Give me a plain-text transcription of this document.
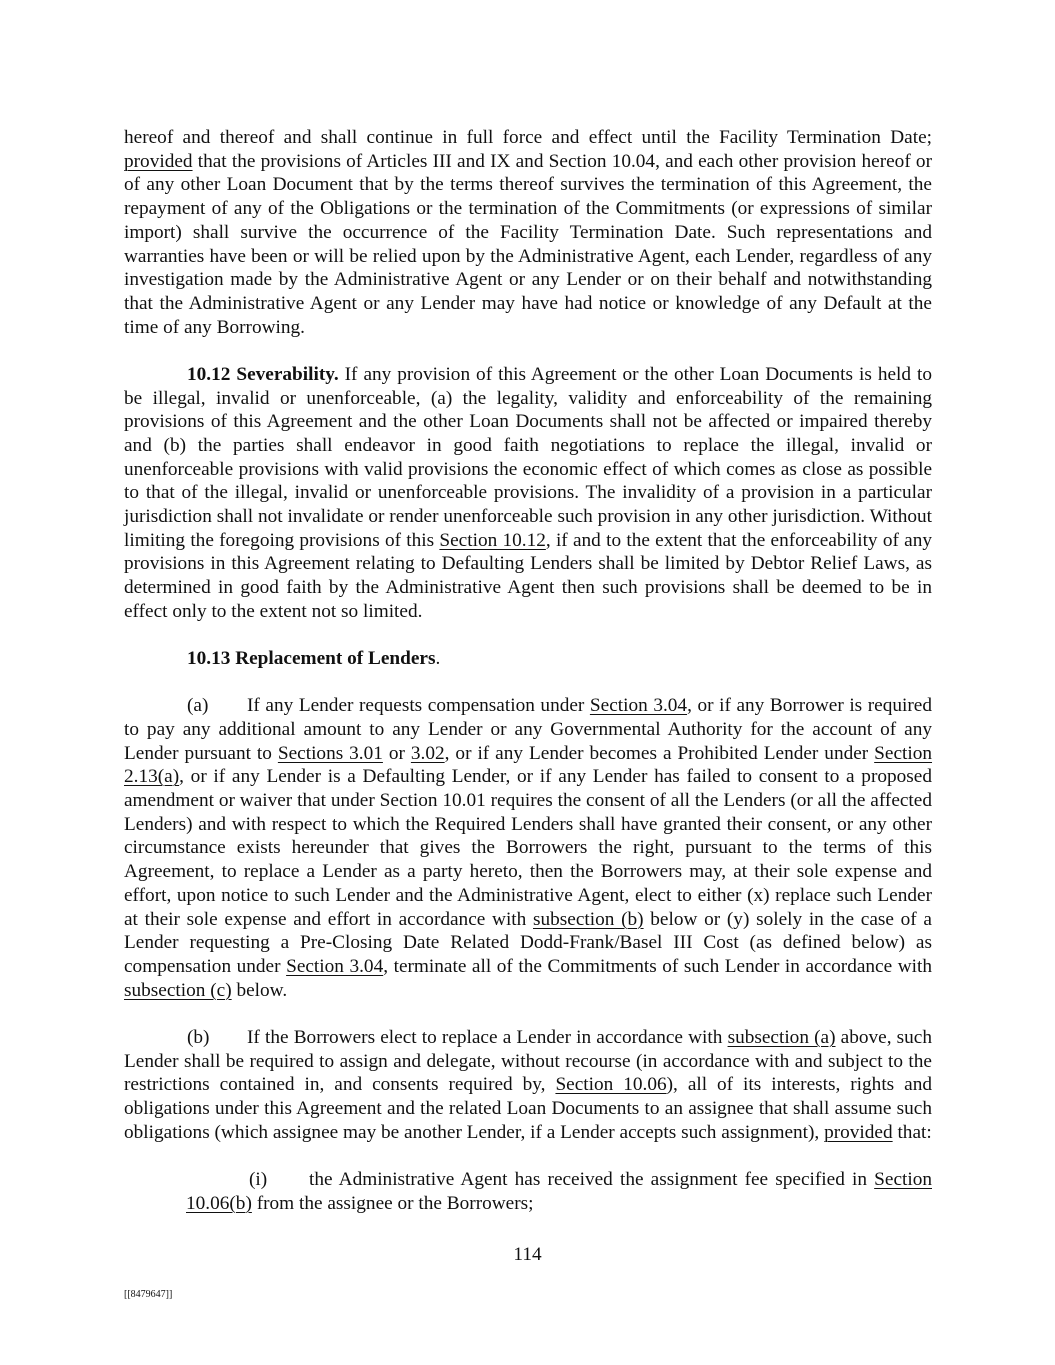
hereof and thereof and shall continue in full force and effect until the Facility Termination Date; provided that the provisions of Articles III and IX and Section 10.04, and each other provision hereof or of any other Loan Document that by the terms thereof survives the termination of this Agreement, the repayment of any of the Obligations or the termination of the Commitments (or expressions of similar import) shall survive the occurrence of the Facility Termination Date. Such representations and warranties have been or will be relied upon by the Administrative Agent, each Lender, regardless of any investigation made by the Administrative Agent or any Lender or on their behalf and notwithstanding that the Administrative Agent or any Lender may have had notice or knowledge of any Default at the time of any Borrowing.

10.12 Severability. If any provision of this Agreement or the other Loan Documents is held to be illegal, invalid or unenforceable, (a) the legality, validity and enforceability of the remaining provisions of this Agreement and the other Loan Documents shall not be affected or impaired thereby and (b) the parties shall endeavor in good faith negotiations to replace the illegal, invalid or unenforceable provisions with valid provisions the economic effect of which comes as close as possible to that of the illegal, invalid or unenforceable provisions. The invalidity of a provision in a particular jurisdiction shall not invalidate or render unenforceable such provision in any other jurisdiction. Without limiting the foregoing provisions of this Section 10.12, if and to the extent that the enforceability of any provisions in this Agreement relating to Defaulting Lenders shall be limited by Debtor Relief Laws, as determined in good faith by the Administrative Agent then such provisions shall be deemed to be in effect only to the extent not so limited.

10.13 Replacement of Lenders.

(a) If any Lender requests compensation under Section 3.04, or if any Borrower is required to pay any additional amount to any Lender or any Governmental Authority for the account of any Lender pursuant to Sections 3.01 or 3.02, or if any Lender becomes a Prohibited Lender under Section 2.13(a), or if any Lender is a Defaulting Lender, or if any Lender has failed to consent to a proposed amendment or waiver that under Section 10.01 requires the consent of all the Lenders (or all the affected Lenders) and with respect to which the Required Lenders shall have granted their consent, or any other circumstance exists hereunder that gives the Borrowers the right, pursuant to the terms of this Agreement, to replace a Lender as a party hereto, then the Borrowers may, at their sole expense and effort, upon notice to such Lender and the Administrative Agent, elect to either (x) replace such Lender at their sole expense and effort in accordance with subsection (b) below or (y) solely in the case of a Lender requesting a Pre-Closing Date Related Dodd-Frank/Basel III Cost (as defined below) as compensation under Section 3.04, terminate all of the Commitments of such Lender in accordance with subsection (c) below.

(b) If the Borrowers elect to replace a Lender in accordance with subsection (a) above, such Lender shall be required to assign and delegate, without recourse (in accordance with and subject to the restrictions contained in, and consents required by, Section 10.06), all of its interests, rights and obligations under this Agreement and the related Loan Documents to an assignee that shall assume such obligations (which assignee may be another Lender, if a Lender accepts such assignment), provided that:

(i) the Administrative Agent has received the assignment fee specified in Section 10.06(b) from the assignee or the Borrowers;

114
[[8479647]]
